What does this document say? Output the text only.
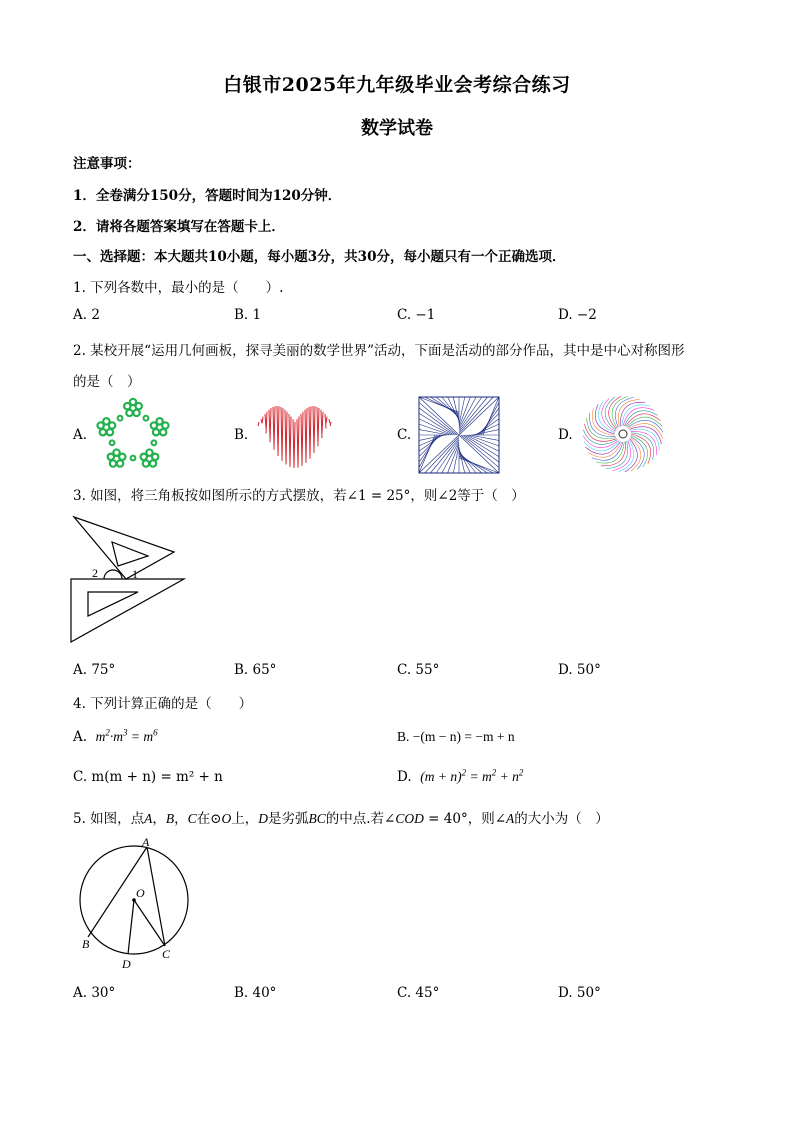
白银市2025年九年级毕业会考综合练习
数学试卷
注意事项：
1．全卷满分150分，答题时间为120分钟．
2．请将各题答案填写在答题卡上．
一、选择题：本大题共10小题，每小题3分，共30分，每小题只有一个正确选项．
1. 下列各数中，最小的是（　　）.
A. 2	B. 1	C. −1	D. −2
2. 某校开展“运用几何画板，探寻美丽的数学世界”活动，下面是活动的部分作品，其中是中心对称图形
的是（　）
A.	B.	C.	D.
3. 如图，将三角板按如图所示的方式摆放，若∠1 = 25°，则∠2等于（　）
2	1
A. 75°	B. 65°	C. 55°	D. 50°
4. 下列计算正确的是（　　）
A. $m^2\cdot m^3 = m^6$	B. −(m − n) = −m + n
C. m(m + n) = m² + n	D. $(m + n)^2 = m^2 + n^2$
5. 如图，点A，B，C在⊙O上，D是劣弧BC的中点.若∠COD = 40°，则∠A的大小为（　）
A
O
B
D
C
A. 30°	B. 40°	C. 45°	D. 50°
